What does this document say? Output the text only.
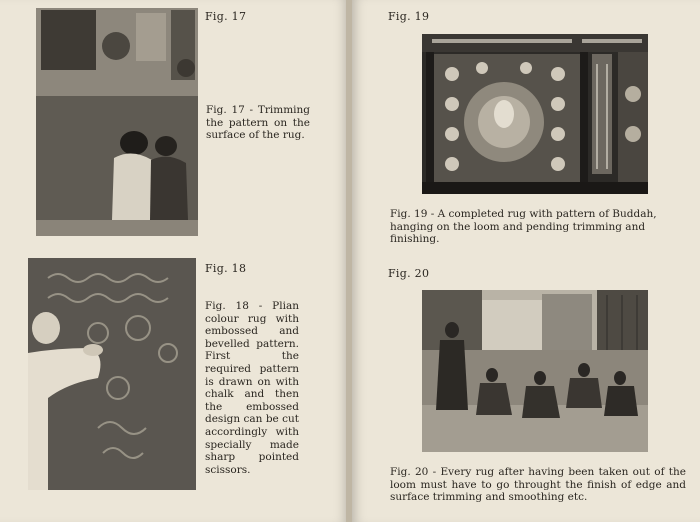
Fig. 17

Fig. 17 - Trimming the pattern on the surface of the rug.

Fig. 18

Fig. 18 - Plian colour rug with embossed and bevelled pattern. First the required pattern is drawn on with chalk and then the embossed design can be cut accordingly with specially made sharp pointed scissors.

Fig. 19

Fig. 19 - A completed rug with pattern of Buddah, hanging on the loom and pending trimming and finishing.

Fig. 20

Fig. 20 - Every rug after having been taken out of the loom must have to go throught the finish of edge and surface trimming and smoothing etc.
